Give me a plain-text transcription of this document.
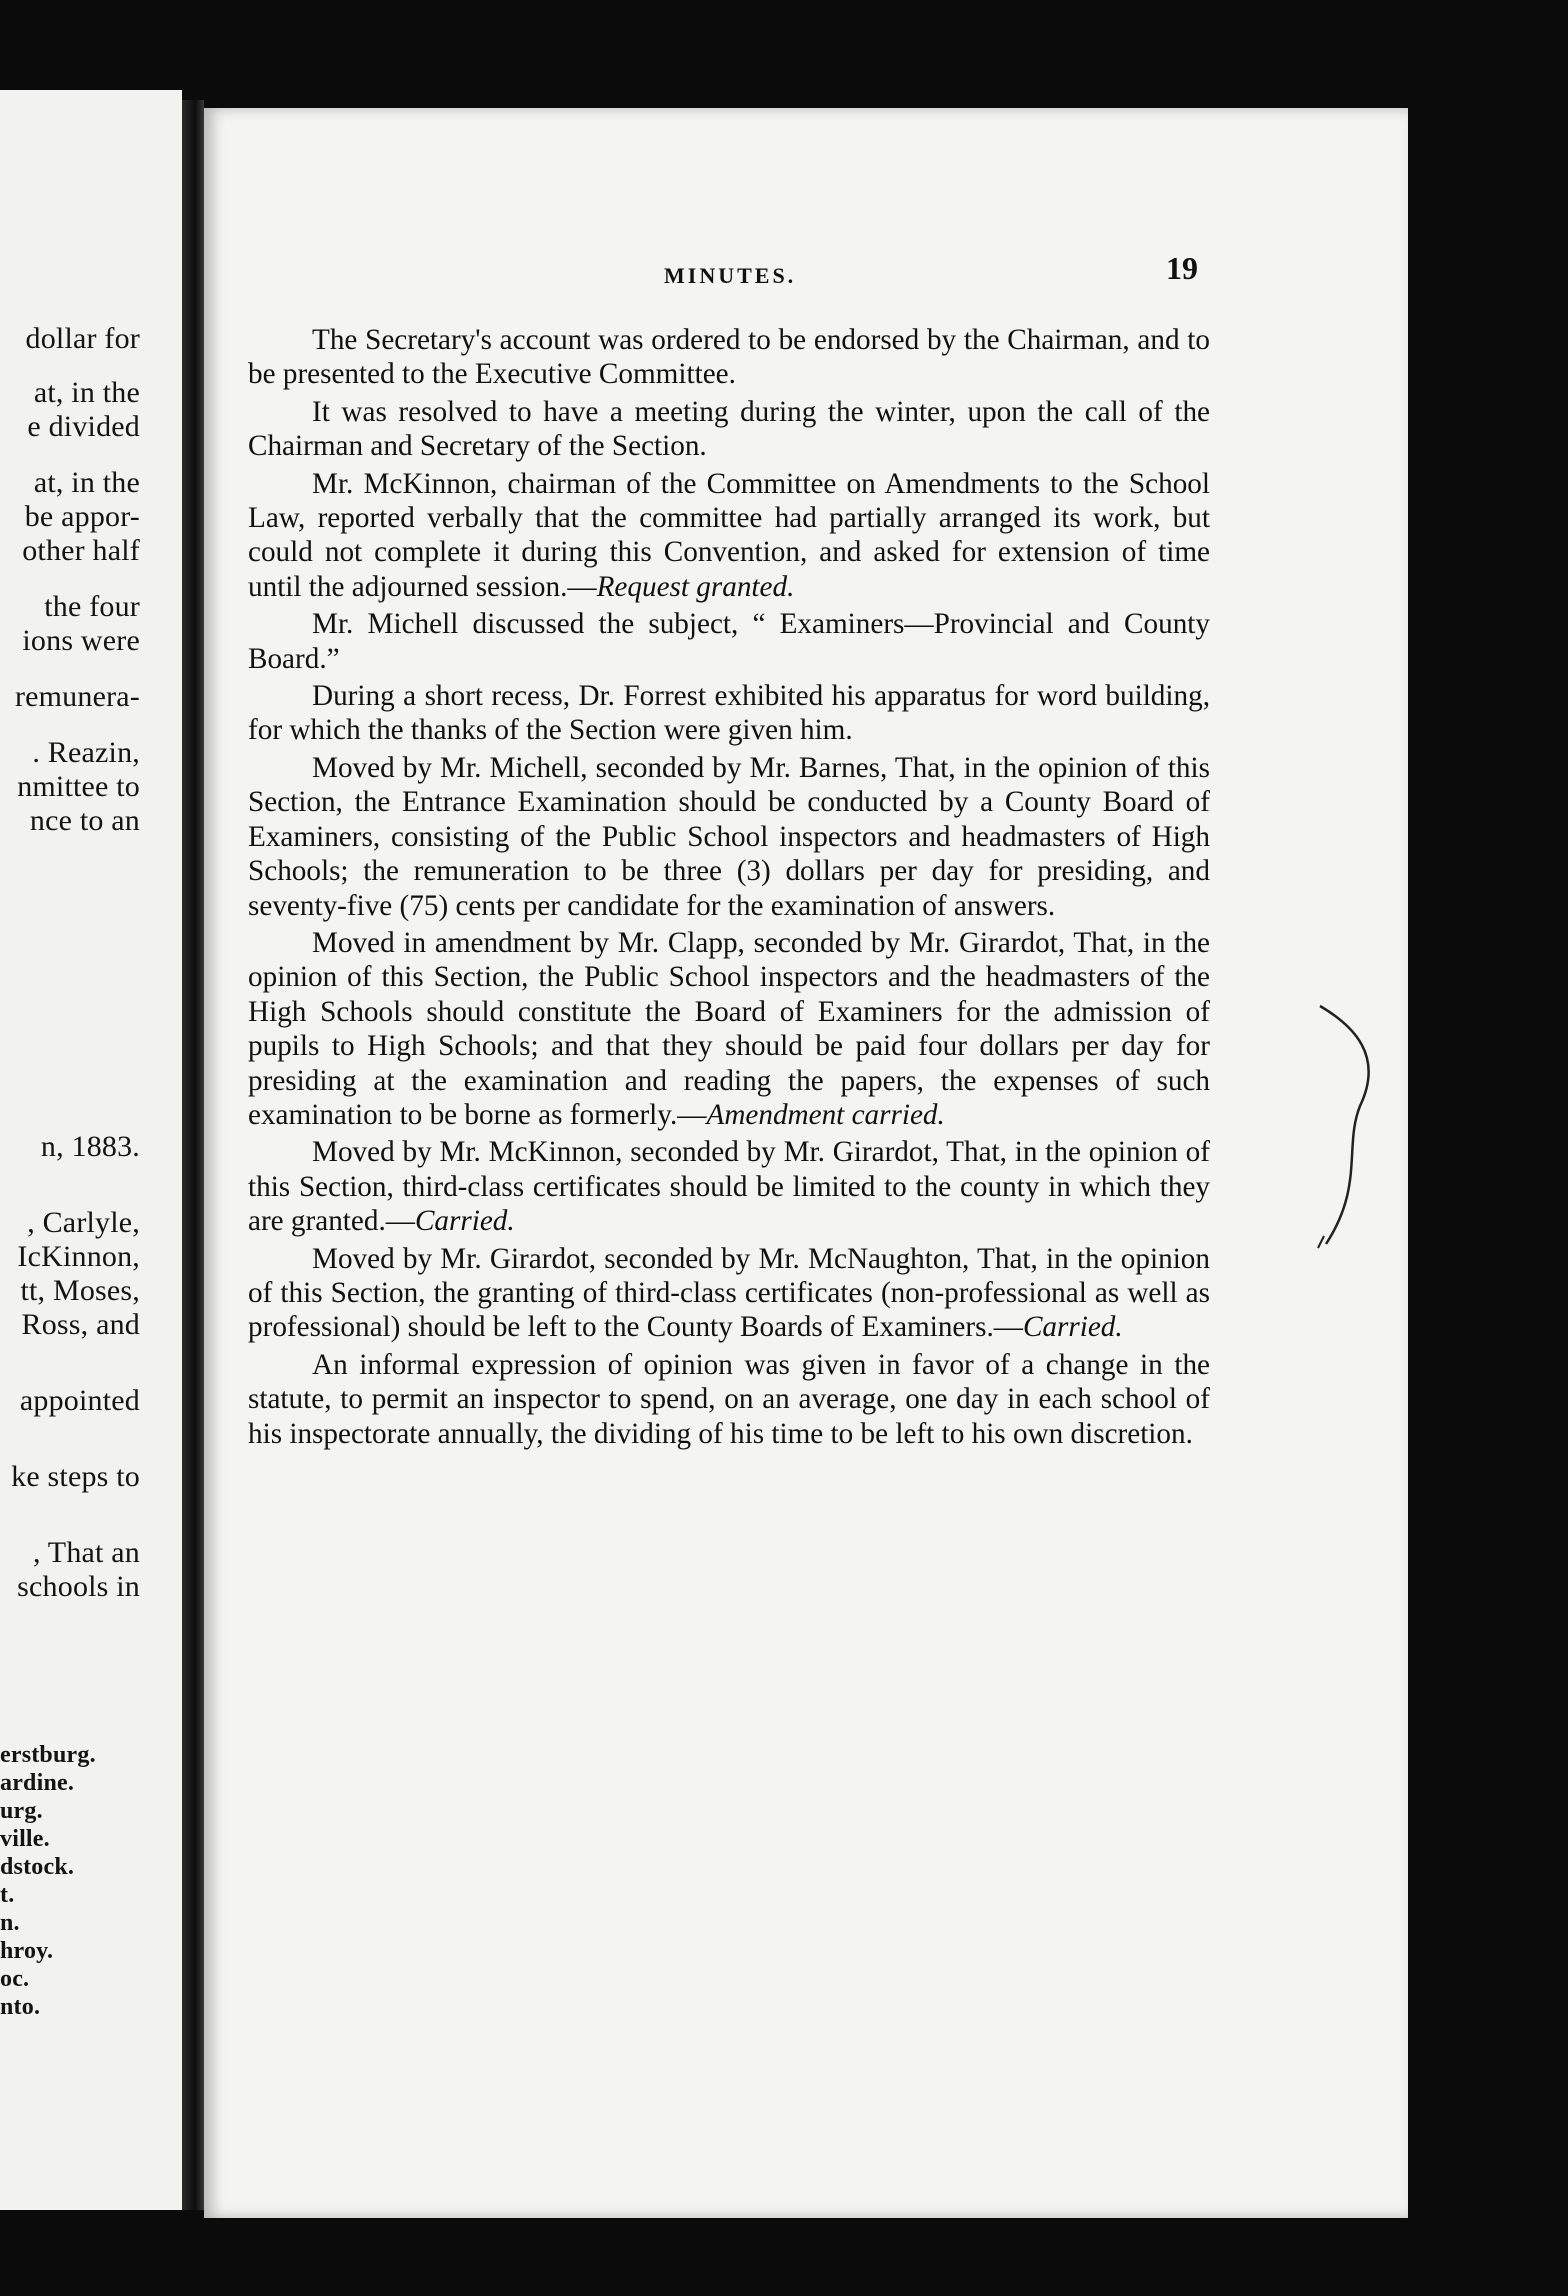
dollar for
at, in the
e divided
at, in the
be appor-
other half
the four
ions were
remunera-
. Reazin,
nmittee to
nce to an
n, 1883.
, Carlyle,
IcKinnon,
tt, Moses,
Ross, and
appointed
ke steps to
, That an
schools in
erstburg.
ardine.
urg.
ville.
dstock.
t.
n.
hroy.
oc.
nto.
MINUTES.	19

The Secretary's account was ordered to be endorsed by the Chairman, and to be presented to the Executive Committee.

It was resolved to have a meeting during the winter, upon the call of the Chairman and Secretary of the Section.

Mr. McKinnon, chairman of the Committee on Amendments to the School Law, reported verbally that the committee had partially arranged its work, but could not complete it during this Convention, and asked for extension of time until the adjourned session.—Request granted.

Mr. Michell discussed the subject, “ Examiners—Provincial and County Board.”

During a short recess, Dr. Forrest exhibited his apparatus for word building, for which the thanks of the Section were given him.

Moved by Mr. Michell, seconded by Mr. Barnes, That, in the opinion of this Section, the Entrance Examination should be conducted by a County Board of Examiners, consisting of the Public School inspectors and headmasters of High Schools; the remuneration to be three (3) dollars per day for presiding, and seventy-five (75) cents per candidate for the examination of answers.

Moved in amendment by Mr. Clapp, seconded by Mr. Girardot, That, in the opinion of this Section, the Public School inspectors and the headmasters of the High Schools should constitute the Board of Examiners for the admission of pupils to High Schools; and that they should be paid four dollars per day for presiding at the examination and reading the papers, the expenses of such examination to be borne as formerly.—Amendment carried.

Moved by Mr. McKinnon, seconded by Mr. Girardot, That, in the opinion of this Section, third-class certificates should be limited to the county in which they are granted.—Carried.

Moved by Mr. Girardot, seconded by Mr. McNaughton, That, in the opinion of this Section, the granting of third-class certificates (non-professional as well as professional) should be left to the County Boards of Examiners.—Carried.

An informal expression of opinion was given in favor of a change in the statute, to permit an inspector to spend, on an average, one day in each school of his inspectorate annually, the dividing of his time to be left to his own discretion.
